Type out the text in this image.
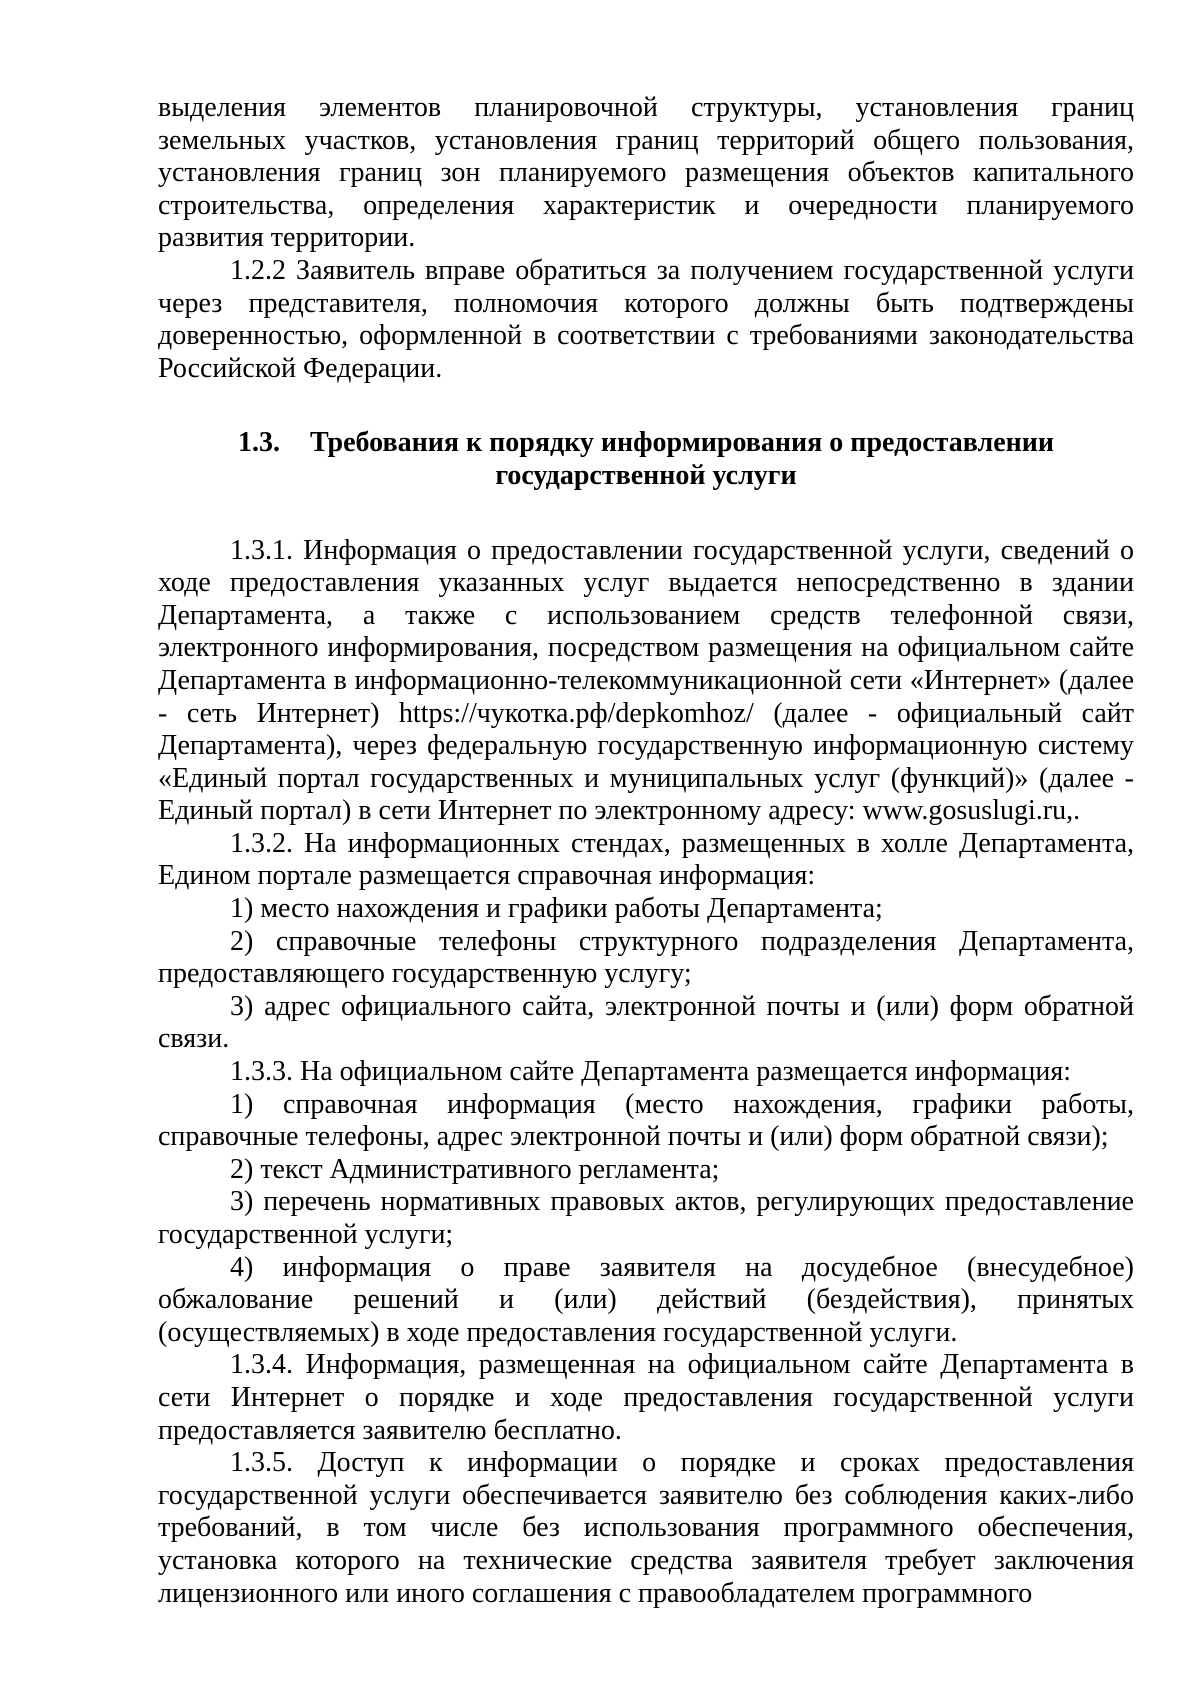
выделения элементов планировочной структуры, установления границ земельных участков, установления границ территорий общего пользования, установления границ зон планируемого размещения объектов капитального строительства, определения характеристик и очередности планируемого развития территории.

1.2.2 Заявитель вправе обратиться за получением государственной услуги через представителя, полномочия которого должны быть подтверждены доверенностью, оформленной в соответствии с требованиями законодательства Российской Федерации.

1.3. Требования к порядку информирования о предоставлении государственной услуги

1.3.1. Информация о предоставлении государственной услуги, сведений о ходе предоставления указанных услуг выдается непосредственно в здании Департамента, а также с использованием средств телефонной связи, электронного информирования, посредством размещения на официальном сайте Департамента в информационно-телекоммуникационной сети «Интернет» (далее - сеть Интернет) https://чукотка.рф/depkomhoz/ (далее - официальный сайт Департамента), через федеральную государственную информационную систему «Единый портал государственных и муниципальных услуг (функций)» (далее - Единый портал) в сети Интернет по электронному адресу: www.gosuslugi.ru,.

1.3.2. На информационных стендах, размещенных в холле Департамента, Едином портале размещается справочная информация:

1) место нахождения и графики работы Департамента;

2) справочные телефоны структурного подразделения Департамента, предоставляющего государственную услугу;

3) адрес официального сайта, электронной почты и (или) форм обратной связи.

1.3.3. На официальном сайте Департамента размещается информация:

1) справочная информация (место нахождения, графики работы, справочные телефоны, адрес электронной почты и (или) форм обратной связи);

2) текст Административного регламента;

3) перечень нормативных правовых актов, регулирующих предоставление государственной услуги;

4) информация о праве заявителя на досудебное (внесудебное) обжалование решений и (или) действий (бездействия), принятых (осуществляемых) в ходе предоставления государственной услуги.

1.3.4. Информация, размещенная на официальном сайте Департамента в сети Интернет о порядке и ходе предоставления государственной услуги предоставляется заявителю бесплатно.

1.3.5. Доступ к информации о порядке и сроках предоставления государственной услуги обеспечивается заявителю без соблюдения каких-либо требований, в том числе без использования программного обеспечения, установка которого на технические средства заявителя требует заключения лицензионного или иного соглашения с правообладателем программного
